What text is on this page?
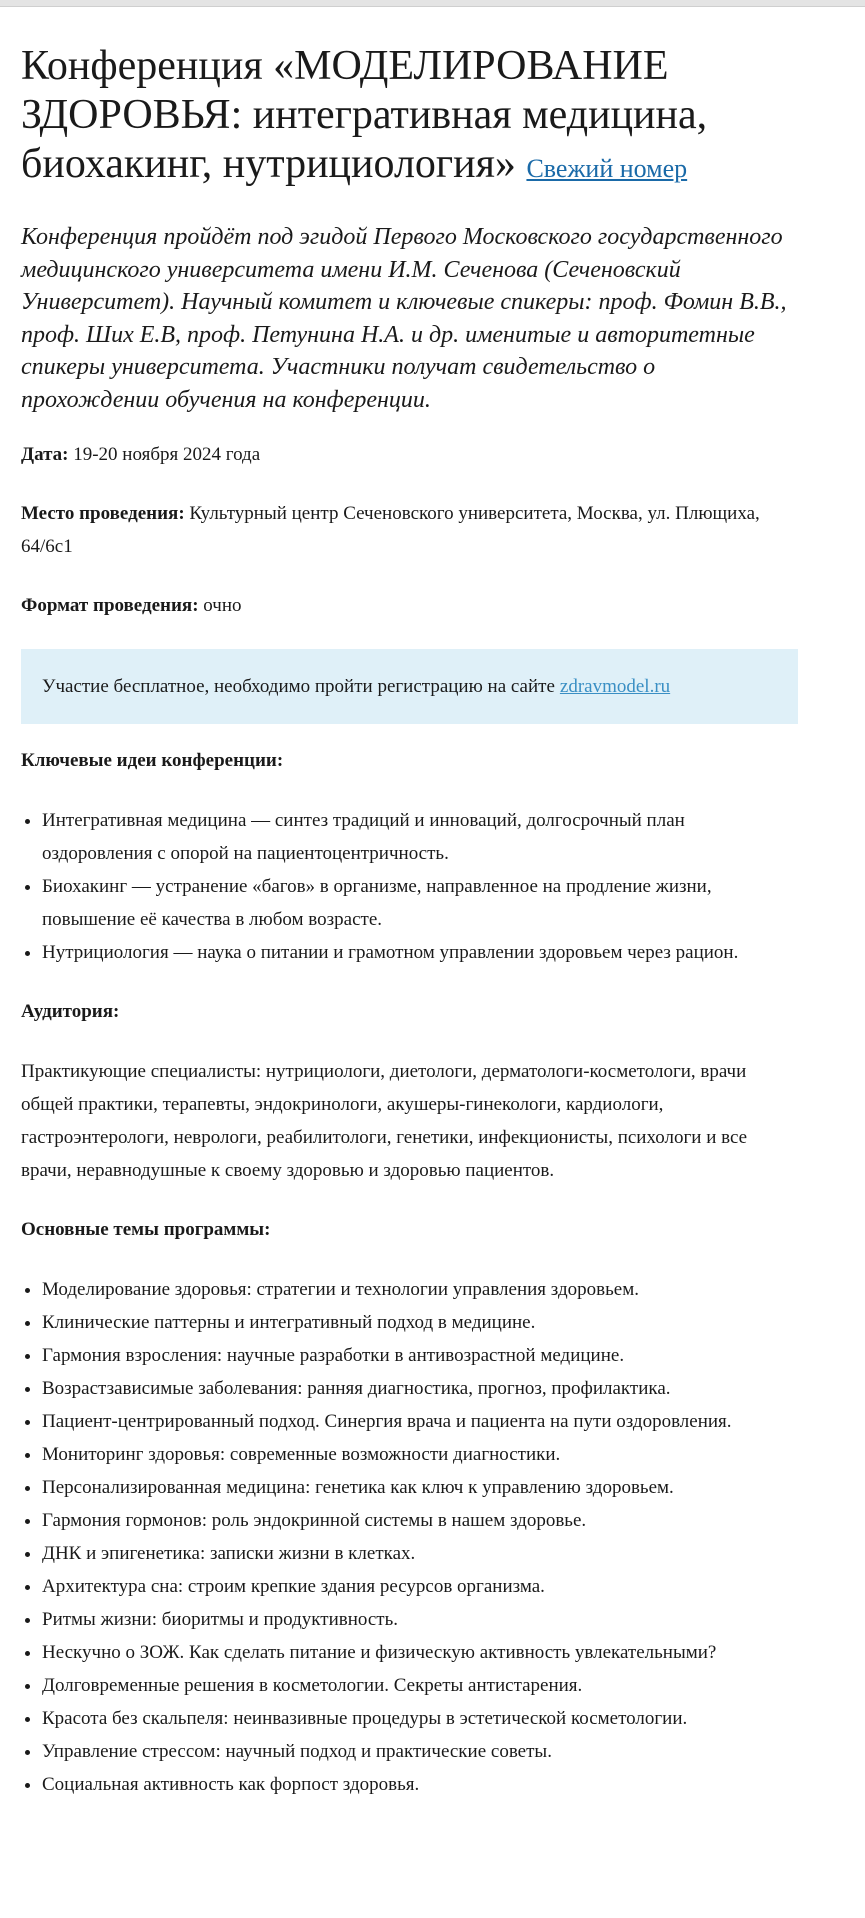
Конференция «МОДЕЛИРОВАНИЕ ЗДОРОВЬЯ: интегративная медицина, биохакинг, нутрициология» Свежий номер

Конференция пройдёт под эгидой Первого Московского государственного медицинского университета имени И.М. Сеченова (Сеченовский Университет). Научный комитет и ключевые спикеры: проф. Фомин В.В., проф. Ших Е.В, проф. Петунина Н.А. и др. именитые и авторитетные спикеры университета. Участники получат свидетельство о прохождении обучения на конференции.

Дата: 19-20 ноября 2024 года

Место проведения: Культурный центр Сеченовского университета, Москва, ул. Плющиха, 64/6с1

Формат проведения: очно

Участие бесплатное, необходимо пройти регистрацию на сайте zdravmodel.ru

Ключевые идеи конференции:

• Интегративная медицина — синтез традиций и инноваций, долгосрочный план оздоровления с опорой на пациентоцентричность.
• Биохакинг — устранение «багов» в организме, направленное на продление жизни, повышение её качества в любом возрасте.
• Нутрициология — наука о питании и грамотном управлении здоровьем через рацион.

Аудитория:

Практикующие специалисты: нутрициологи, диетологи, дерматологи-косметологи, врачи общей практики, терапевты, эндокринологи, акушеры-гинекологи, кардиологи, гастроэнтерологи, неврологи, реабилитологи, генетики, инфекционисты, психологи и все врачи, неравнодушные к своему здоровью и здоровью пациентов.

Основные темы программы:

• Моделирование здоровья: стратегии и технологии управления здоровьем.
• Клинические паттерны и интегративный подход в медицине.
• Гармония взросления: научные разработки в антивозрастной медицине.
• Возрастзависимые заболевания: ранняя диагностика, прогноз, профилактика.
• Пациент-центрированный подход. Синергия врача и пациента на пути оздоровления.
• Мониторинг здоровья: современные возможности диагностики.
• Персонализированная медицина: генетика как ключ к управлению здоровьем.
• Гармония гормонов: роль эндокринной системы в нашем здоровье.
• ДНК и эпигенетика: записки жизни в клетках.
• Архитектура сна: строим крепкие здания ресурсов организма.
• Ритмы жизни: биоритмы и продуктивность.
• Нескучно о ЗОЖ. Как сделать питание и физическую активность увлекательными?
• Долговременные решения в косметологии. Секреты антистарения.
• Красота без скальпеля: неинвазивные процедуры в эстетической косметологии.
• Управление стрессом: научный подход и практические советы.
• Социальная активность как форпост здоровья.
